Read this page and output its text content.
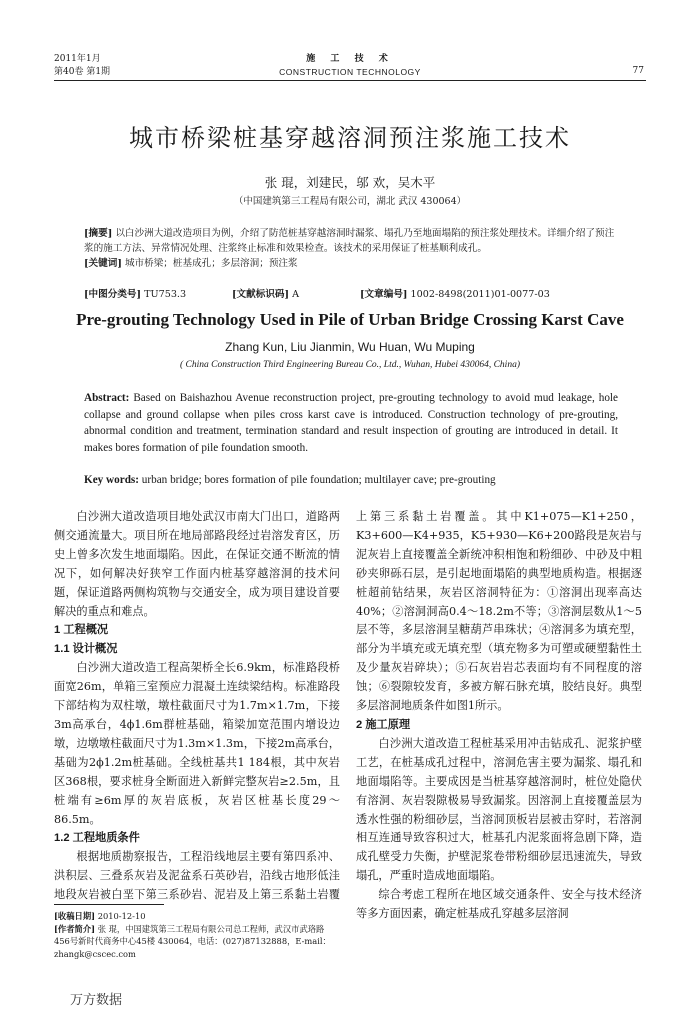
2011年1月
第40卷 第1期
施 工 技 术
CONSTRUCTION TECHNOLOGY	77
城市桥梁桩基穿越溶洞预注浆施工技术
张 琨，刘建民，邬 欢，吴木平
（中国建筑第三工程局有限公司，湖北 武汉 430064）
[摘要] 以白沙洲大道改造项目为例，介绍了防范桩基穿越溶洞时漏浆、塌孔乃至地面塌陷的预注浆处理技术。详细介绍了预注浆的施工方法、异常情况处理、注浆终止标准和效果检查。该技术的采用保证了桩基顺利成孔。
[关键词] 城市桥梁；桩基成孔；多层溶洞；预注浆
[中图分类号] TU753.3	[文献标识码] A	[文章编号] 1002-8498(2011)01-0077-03
Pre-grouting Technology Used in Pile of Urban Bridge Crossing Karst Cave
Zhang Kun, Liu Jianmin, Wu Huan, Wu Muping
( China Construction Third Engineering Bureau Co., Ltd., Wuhan, Hubei 430064, China)
Abstract: Based on Baishazhou Avenue reconstruction project, pre-grouting technology to avoid mud leakage, hole collapse and ground collapse when piles cross karst cave is introduced. Construction technology of pre-grouting, abnormal condition and treatment, termination standard and result inspection of grouting are introduced in detail. It makes bores formation of pile foundation smooth.
Key words: urban bridge; bores formation of pile foundation; multilayer cave; pre-grouting

白沙洲大道改造项目地处武汉市南大门出口，道路两侧交通流量大。项目所在地局部路段经过岩溶发育区，历史上曾多次发生地面塌陷。因此，在保证交通不断流的情况下，如何解决好狭窄工作面内桩基穿越溶洞的技术问题，保证道路两侧构筑物与交通安全，成为项目建设首要解决的重点和难点。

1 工程概况

1.1 设计概况

白沙洲大道改造工程高架桥全长6.9km，标准路段桥面宽26m，单箱三室预应力混凝土连续梁结构。标准路段下部结构为双柱墩，墩柱截面尺寸为1.7m×1.7m，下接3m高承台，4ϕ1.6m群桩基础，箱梁加宽范围内增设边墩，边墩墩柱截面尺寸为1.3m×1.3m，下接2m高承台，基础为2ϕ1.2m桩基础。全线桩基共1 184根，其中灰岩区368根，要求桩身全断面进入新鲜完整灰岩≥2.5m，且桩端有≥6m厚的灰岩底板，灰岩区桩基长度29～86.5m。

1.2 工程地质条件

根据地质勘察报告，工程沿线地层主要有第四系冲、洪积层、三叠系灰岩及泥盆系石英砂岩，沿线古地形低洼地段灰岩被白垩下第三系砂岩、泥岩及上第三系黏土岩覆

上第三系黏土岩覆盖。其中K1+075—K1+250，K3+600—K4+935，K5+930—K6+200路段是灰岩与泥灰岩上直接覆盖全新统冲积相饱和粉细砂、中砂及中粗砂夹卵砾石层，是引起地面塌陷的典型地质构造。根据逐桩超前钻结果，灰岩区溶洞特征为：①溶洞出现率高达40%；②溶洞洞高0.4～18.2m不等；③溶洞层数从1～5层不等，多层溶洞呈糖葫芦串珠状；④溶洞多为填充型，部分为半填充或无填充型（填充物多为可塑或硬塑黏性土及少量灰岩碎块）；⑤石灰岩岩芯表面均有不同程度的溶蚀；⑥裂隙较发育，多被方解石脉充填，胶结良好。典型多层溶洞地质条件如图1所示。

2 施工原理

白沙洲大道改造工程桩基采用冲击钻成孔、泥浆护壁工艺，在桩基成孔过程中，溶洞危害主要为漏浆、塌孔和地面塌陷等。主要成因是当桩基穿越溶洞时，桩位处隐伏有溶洞、灰岩裂隙极易导致漏浆。因溶洞上直接覆盖层为透水性强的粉细砂层，当溶洞顶板岩层被击穿时，若溶洞相互连通导致容积过大，桩基孔内泥浆面将急剧下降，造成孔壁受力失衡，护壁泥浆卷带粉细砂层迅速流失，导致塌孔，严重时造成地面塌陷。

综合考虑工程所在地区域交通条件、安全与技术经济等多方面因素，确定桩基成孔穿越多层溶洞

[收稿日期] 2010-12-10

[作者简介] 张 琨，中国建筑第三工程局有限公司总工程师，武汉市武珞路456号新时代商务中心45楼 430064，电话：(027)87132888，E-mail：zhangk@cscec.com

万方数据
